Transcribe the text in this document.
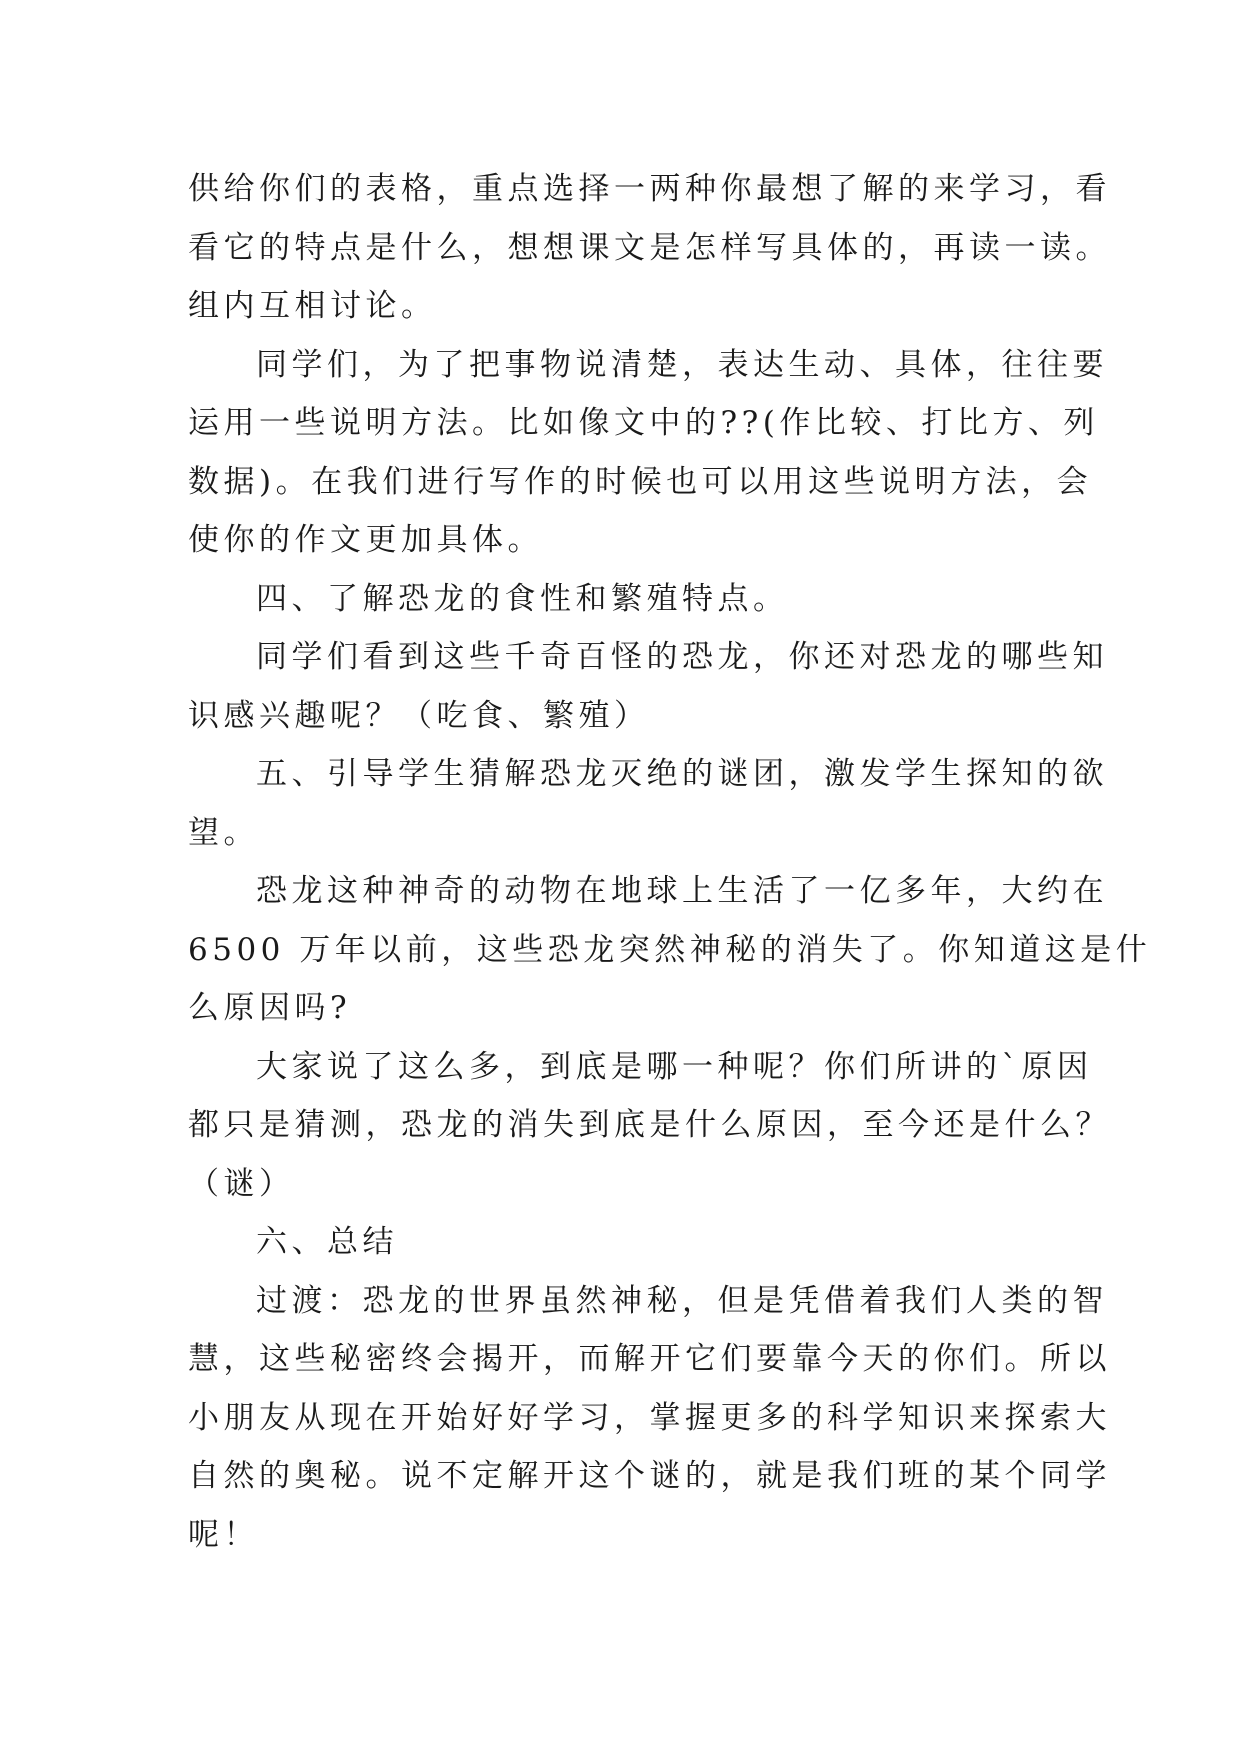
供给你们的表格，重点选择一两种你最想了解的来学习，看
看它的特点是什么，想想课文是怎样写具体的，再读一读。
组内互相讨论。
同学们，为了把事物说清楚，表达生动、具体，往往要
运用一些说明方法。比如像文中的??(作比较、打比方、列
数据)。在我们进行写作的时候也可以用这些说明方法，会
使你的作文更加具体。
四、了解恐龙的食性和繁殖特点。
同学们看到这些千奇百怪的恐龙，你还对恐龙的哪些知
识感兴趣呢？（吃食、繁殖）
五、引导学生猜解恐龙灭绝的谜团，激发学生探知的欲
望。
恐龙这种神奇的动物在地球上生活了一亿多年，大约在
6500 万年以前，这些恐龙突然神秘的消失了。你知道这是什
么原因吗?
大家说了这么多，到底是哪一种呢？你们所讲的`原因
都只是猜测，恐龙的消失到底是什么原因，至今还是什么？
（谜）
六、总结
过渡：恐龙的世界虽然神秘，但是凭借着我们人类的智
慧，这些秘密终会揭开，而解开它们要靠今天的你们。所以
小朋友从现在开始好好学习，掌握更多的科学知识来探索大
自然的奥秘。说不定解开这个谜的，就是我们班的某个同学
呢！
